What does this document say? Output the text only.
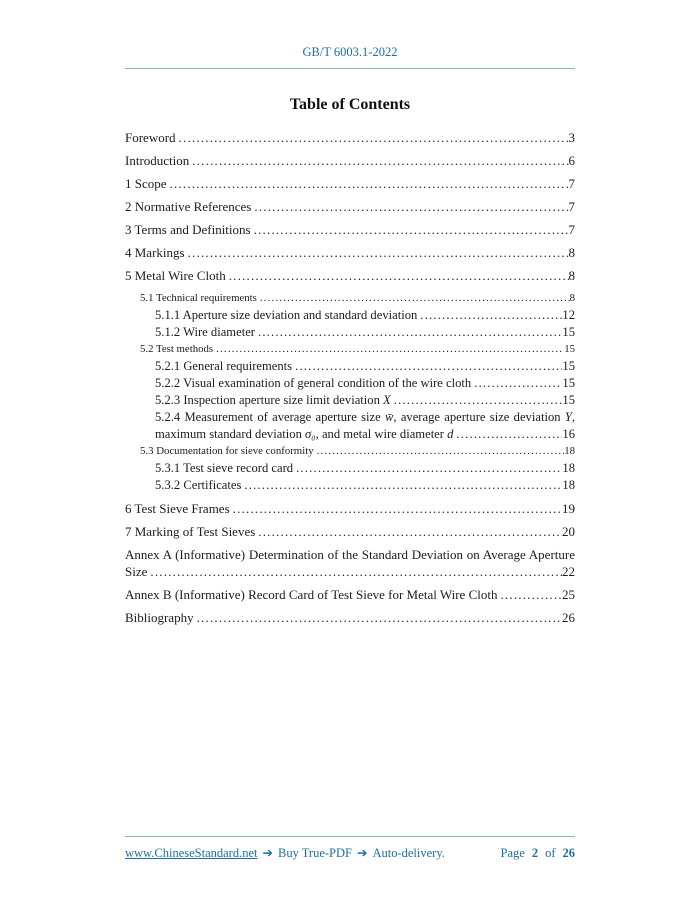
GB/T 6003.1-2022
Table of Contents
Foreword .....	3
Introduction .....	6
1 Scope .....	7
2 Normative References .....	7
3 Terms and Definitions .....	7
4 Markings .....	8
5 Metal Wire Cloth .....	8
5.1 Technical requirements .....	8
5.1.1 Aperture size deviation and standard deviation .....	12
5.1.2 Wire diameter .....	15
5.2 Test methods .....	15
5.2.1 General requirements .....	15
5.2.2 Visual examination of general condition of the wire cloth .....	15
5.2.3 Inspection aperture size limit deviation X .....	15
5.2.4 Measurement of average aperture size w̄, average aperture size deviation Y,
maximum standard deviation σ₀, and metal wire diameter d .....	16
5.3 Documentation for sieve conformity .....	18
5.3.1 Test sieve record card .....	18
5.3.2 Certificates .....	18
6 Test Sieve Frames .....	19
7 Marking of Test Sieves .....	20
Annex A (Informative) Determination of the Standard Deviation on Average Aperture
Size .....	22
Annex B (Informative) Record Card of Test Sieve for Metal Wire Cloth .....	25
Bibliography .....	26
www.ChineseStandard.net ➔ Buy True-PDF ➔ Auto-delivery.	Page 2 of 26
